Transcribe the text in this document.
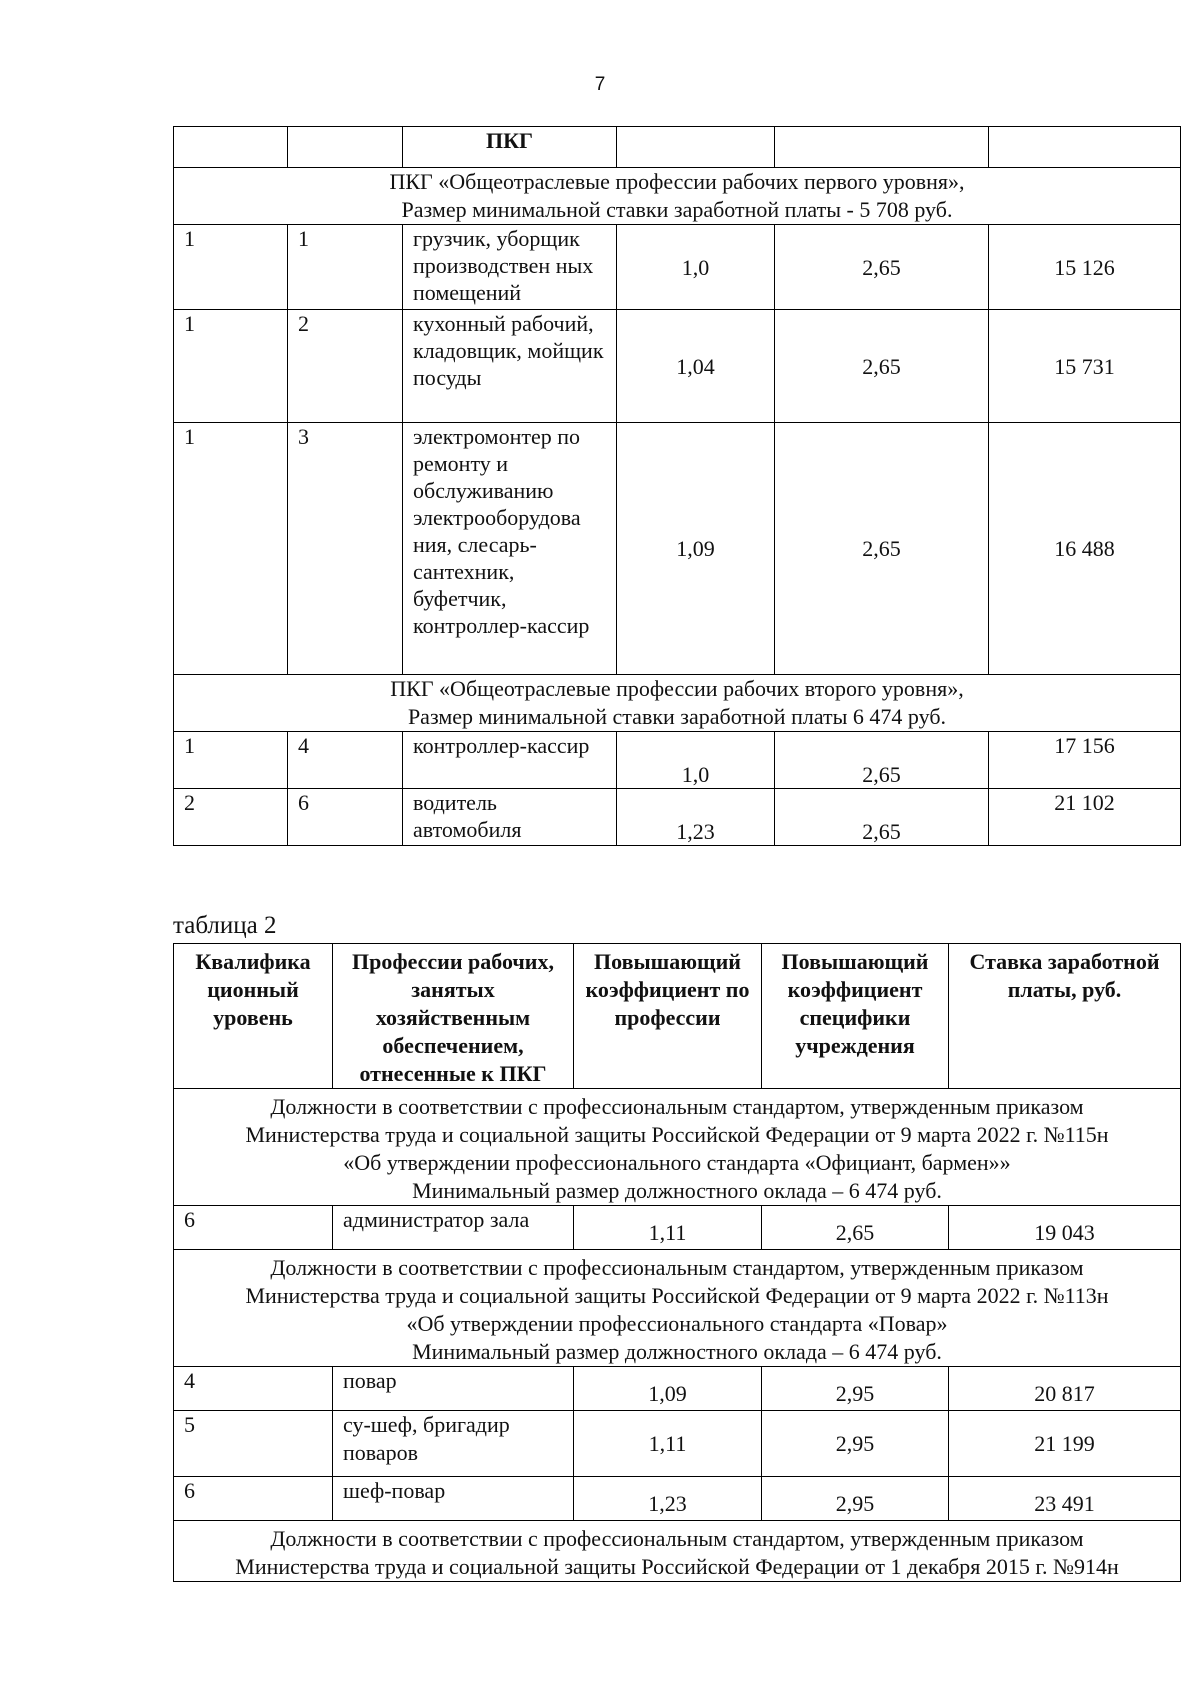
7
		ПКГ			

ПКГ «Общеотраслевые профессии рабочих первого уровня»,
Размер минимальной ставки заработной платы - 5 708 руб.					

1	1	грузчик, уборщик производствен ных помещений	1,0	2,65	15 126
1	2	кухонный рабочий, кладовщик, мойщик посуды	1,04	2,65	15 731
1	3	электромонтер по ремонту и обслуживанию электрооборудова ния, слесарь-сантехник, буфетчик, контроллер-кассир	1,09	2,65	16 488

ПКГ «Общеотраслевые профессии рабочих второго уровня»,
Размер минимальной ставки заработной платы 6 474 руб.					

1	4	контроллер-кассир	1,0	2,65	17 156
2	6	водитель автомобиля	1,23	2,65	21 102
таблица 2
Квалифика ционный уровень	Профессии рабочих, занятых хозяйственным обеспечением, отнесенные к ПКГ	Повышающий коэффициент по профессии	Повышающий коэффициент специфики учреждения	Ставка заработной платы, руб.

Должности в соответствии с профессиональным стандартом, утвержденным приказом
Министерства труда и социальной защиты Российской Федерации от 9 марта 2022 г. №115н
«Об утверждении профессионального стандарта «Официант, бармен»»
Минимальный размер должностного оклада – 6 474 руб.				

6	администратор зала	1,11	2,65	19 043

Должности в соответствии с профессиональным стандартом, утвержденным приказом
Министерства труда и социальной защиты Российской Федерации от 9 марта 2022 г. №113н
«Об утверждении профессионального стандарта «Повар»
Минимальный размер должностного оклада – 6 474 руб.				

4	повар	1,09	2,95	20 817
5	су-шеф, бригадир поваров	1,11	2,95	21 199
6	шеф-повар	1,23	2,95	23 491

Должности в соответствии с профессиональным стандартом, утвержденным приказом
Министерства труда и социальной защиты Российской Федерации от 1 декабря 2015 г. №914н				
